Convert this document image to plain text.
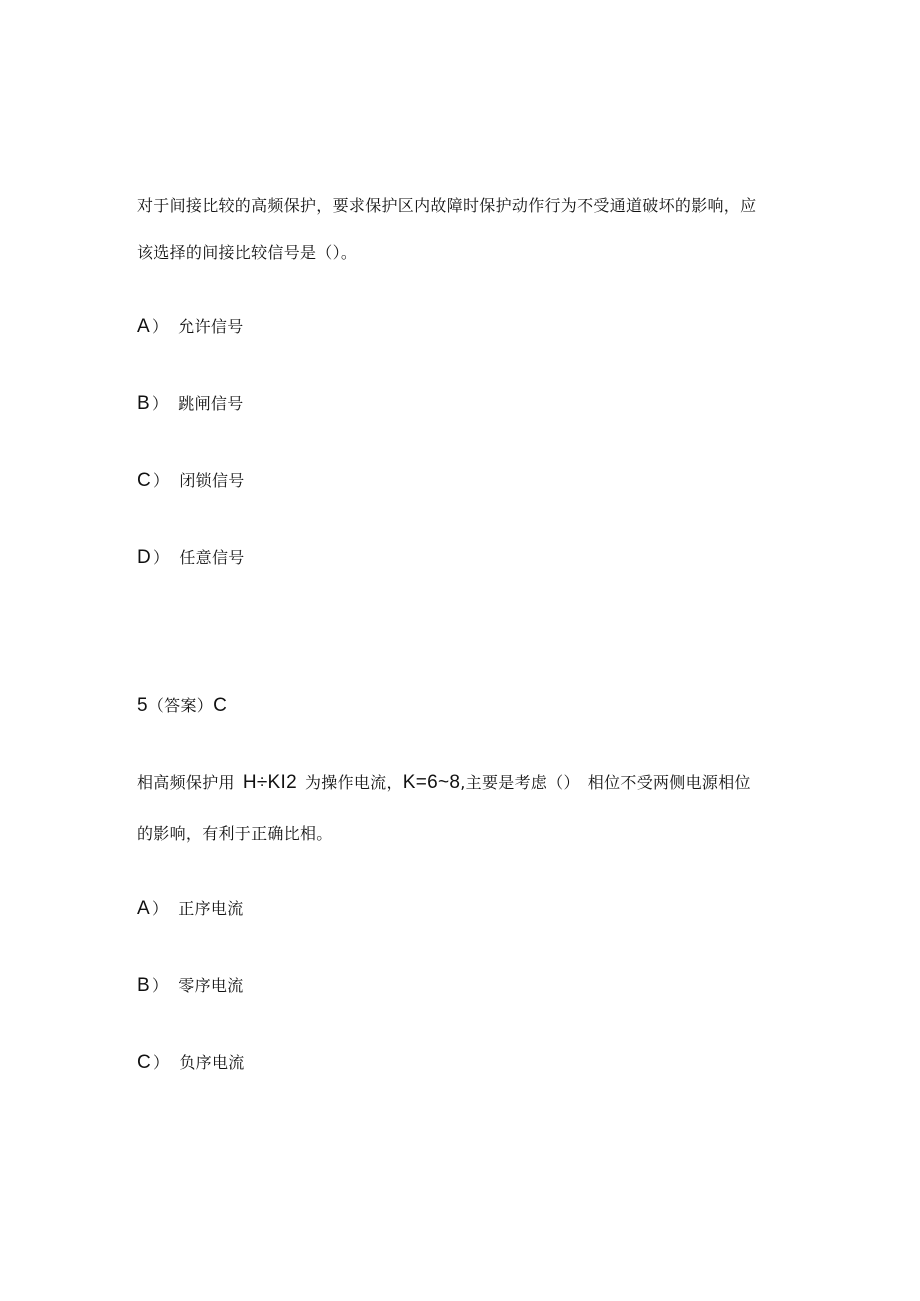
对于间接比较的高频保护，要求保护区内故障时保护动作行为不受通道破坏的影响，应
该选择的间接比较信号是（）。
A ） 允许信号
B ） 跳闸信号
C ） 闭锁信号
D ） 任意信号
5（答案）C
相高频保护用 H÷KI2 为操作电流，K=6~8,主要是考虑（） 相位不受两侧电源相位
的影响，有利于正确比相。
A ） 正序电流
B ） 零序电流
C ） 负序电流
